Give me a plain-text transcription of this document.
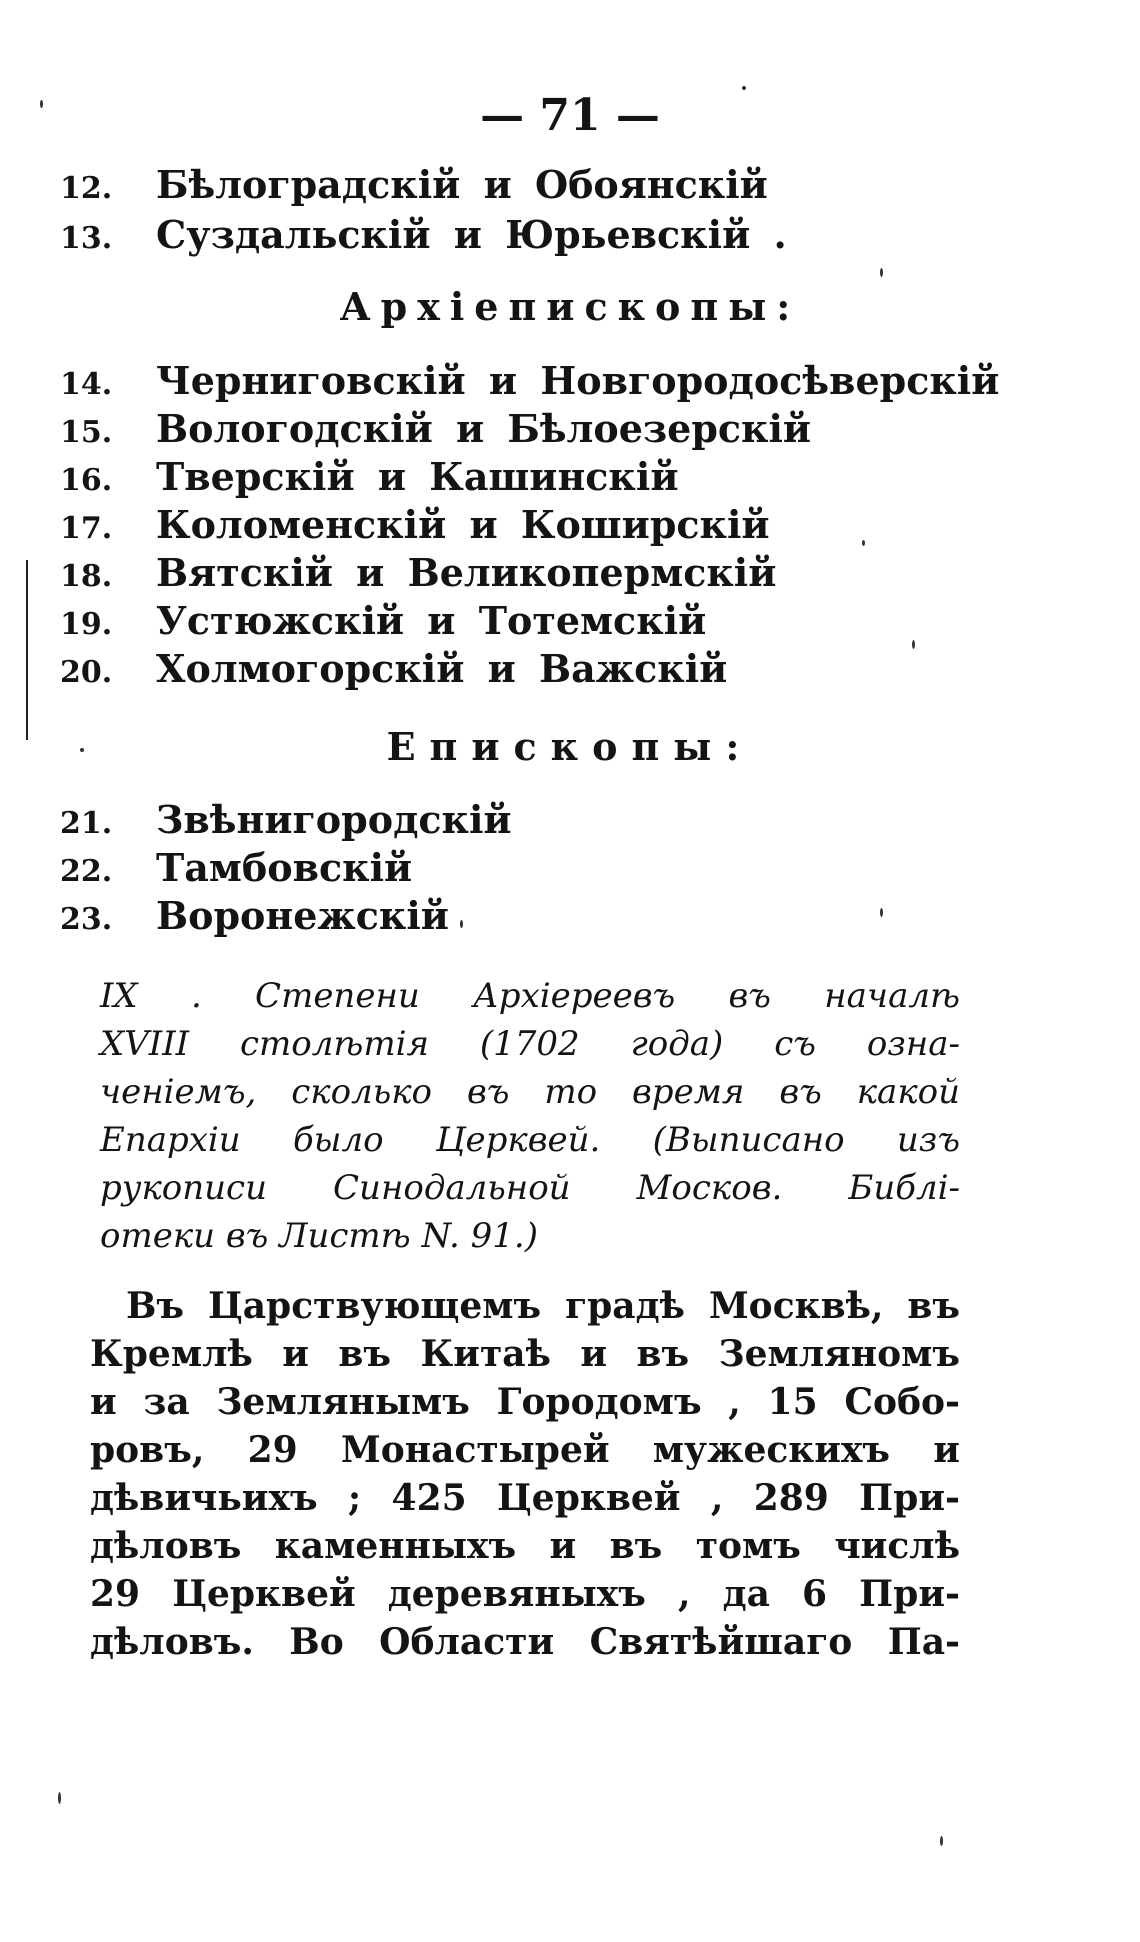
— 71 —
12. Бѣлоградскій и Обоянскій
13. Суздальскій и Юрьевскій .
Архіепископы:
14. Черниговскій и Новгородосѣверскій
15. Вологодскій и Бѣлоезерскій
16. Тверскій и Кашинскій
17. Коломенскій и Коширскій
18. Вятскій и Великопермскій
19. Устюжскій и Тотемскій
20. Холмогорскій и Важскій
Епископы:
21. Звѣнигородскій
22. Тамбовскій
23. Воронежскій
IX . Степени Архіереевъ въ началѣ
XVIII столѣтія (1702 года) съ озна-
ченіемъ, сколько въ то время въ какой
Епархіи было Церквей. (Выписано изъ
рукописи Синодальной Москов. Библі-
отеки въ Листѣ N. 91.)
Въ Царствующемъ градѣ Москвѣ, въ
Кремлѣ и въ Китаѣ и въ Земляномъ
и за Землянымъ Городомъ , 15 Собо-
ровъ, 29 Монастырей мужескихъ и
дѣвичьихъ ; 425 Церквей , 289 При-
дѣловъ каменныхъ и въ томъ числѣ
29 Церквей деревяныхъ , да 6 При-
дѣловъ. Во Области Святѣйшаго Па-
